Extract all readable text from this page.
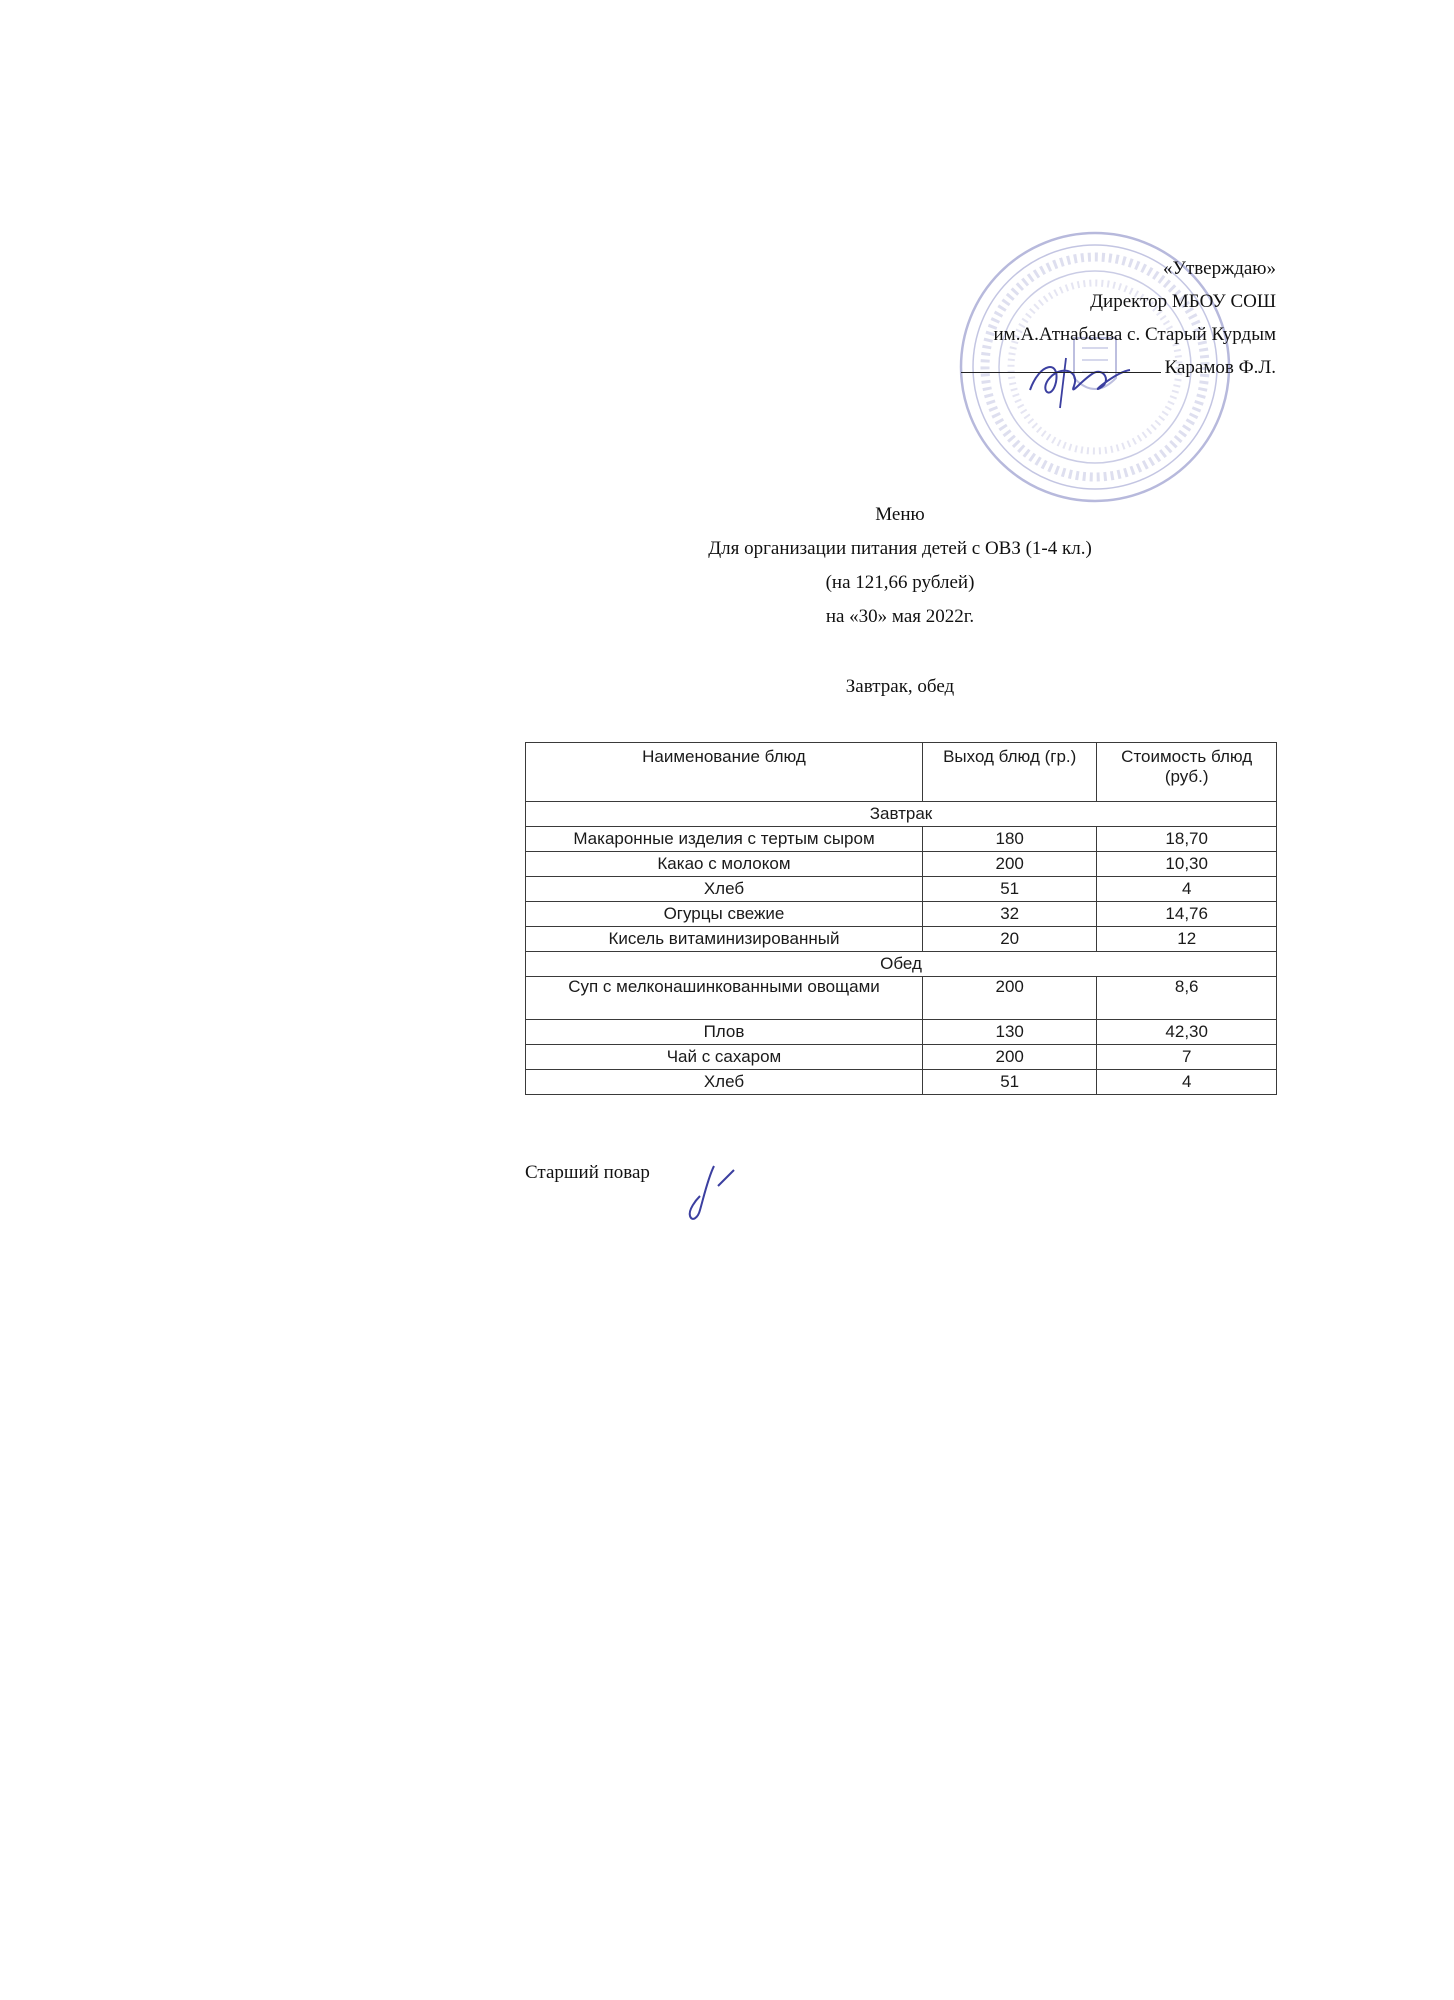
«Утверждаю»
Директор МБОУ СОШ
им.А.Атнабаева с. Старый Курдым
Карамов Ф.Л.
Меню
Для организации питания детей с ОВЗ (1-4 кл.)
(на 121,66 рублей)
на «30» мая 2022г.
Завтрак, обед
Наименование блюд	Выход блюд (гр.)	Стоимость блюд (руб.)
Завтрак		
Макаронные изделия с тертым сыром	180	18,70
Какао с молоком	200	10,30
Хлеб	51	4
Огурцы свежие	32	14,76
Кисель витаминизированный	20	12
Обед		
Суп с мелконашинкованными овощами	200	8,6
Плов	130	42,30
Чай с сахаром	200	7
Хлеб	51	4
Старший повар
